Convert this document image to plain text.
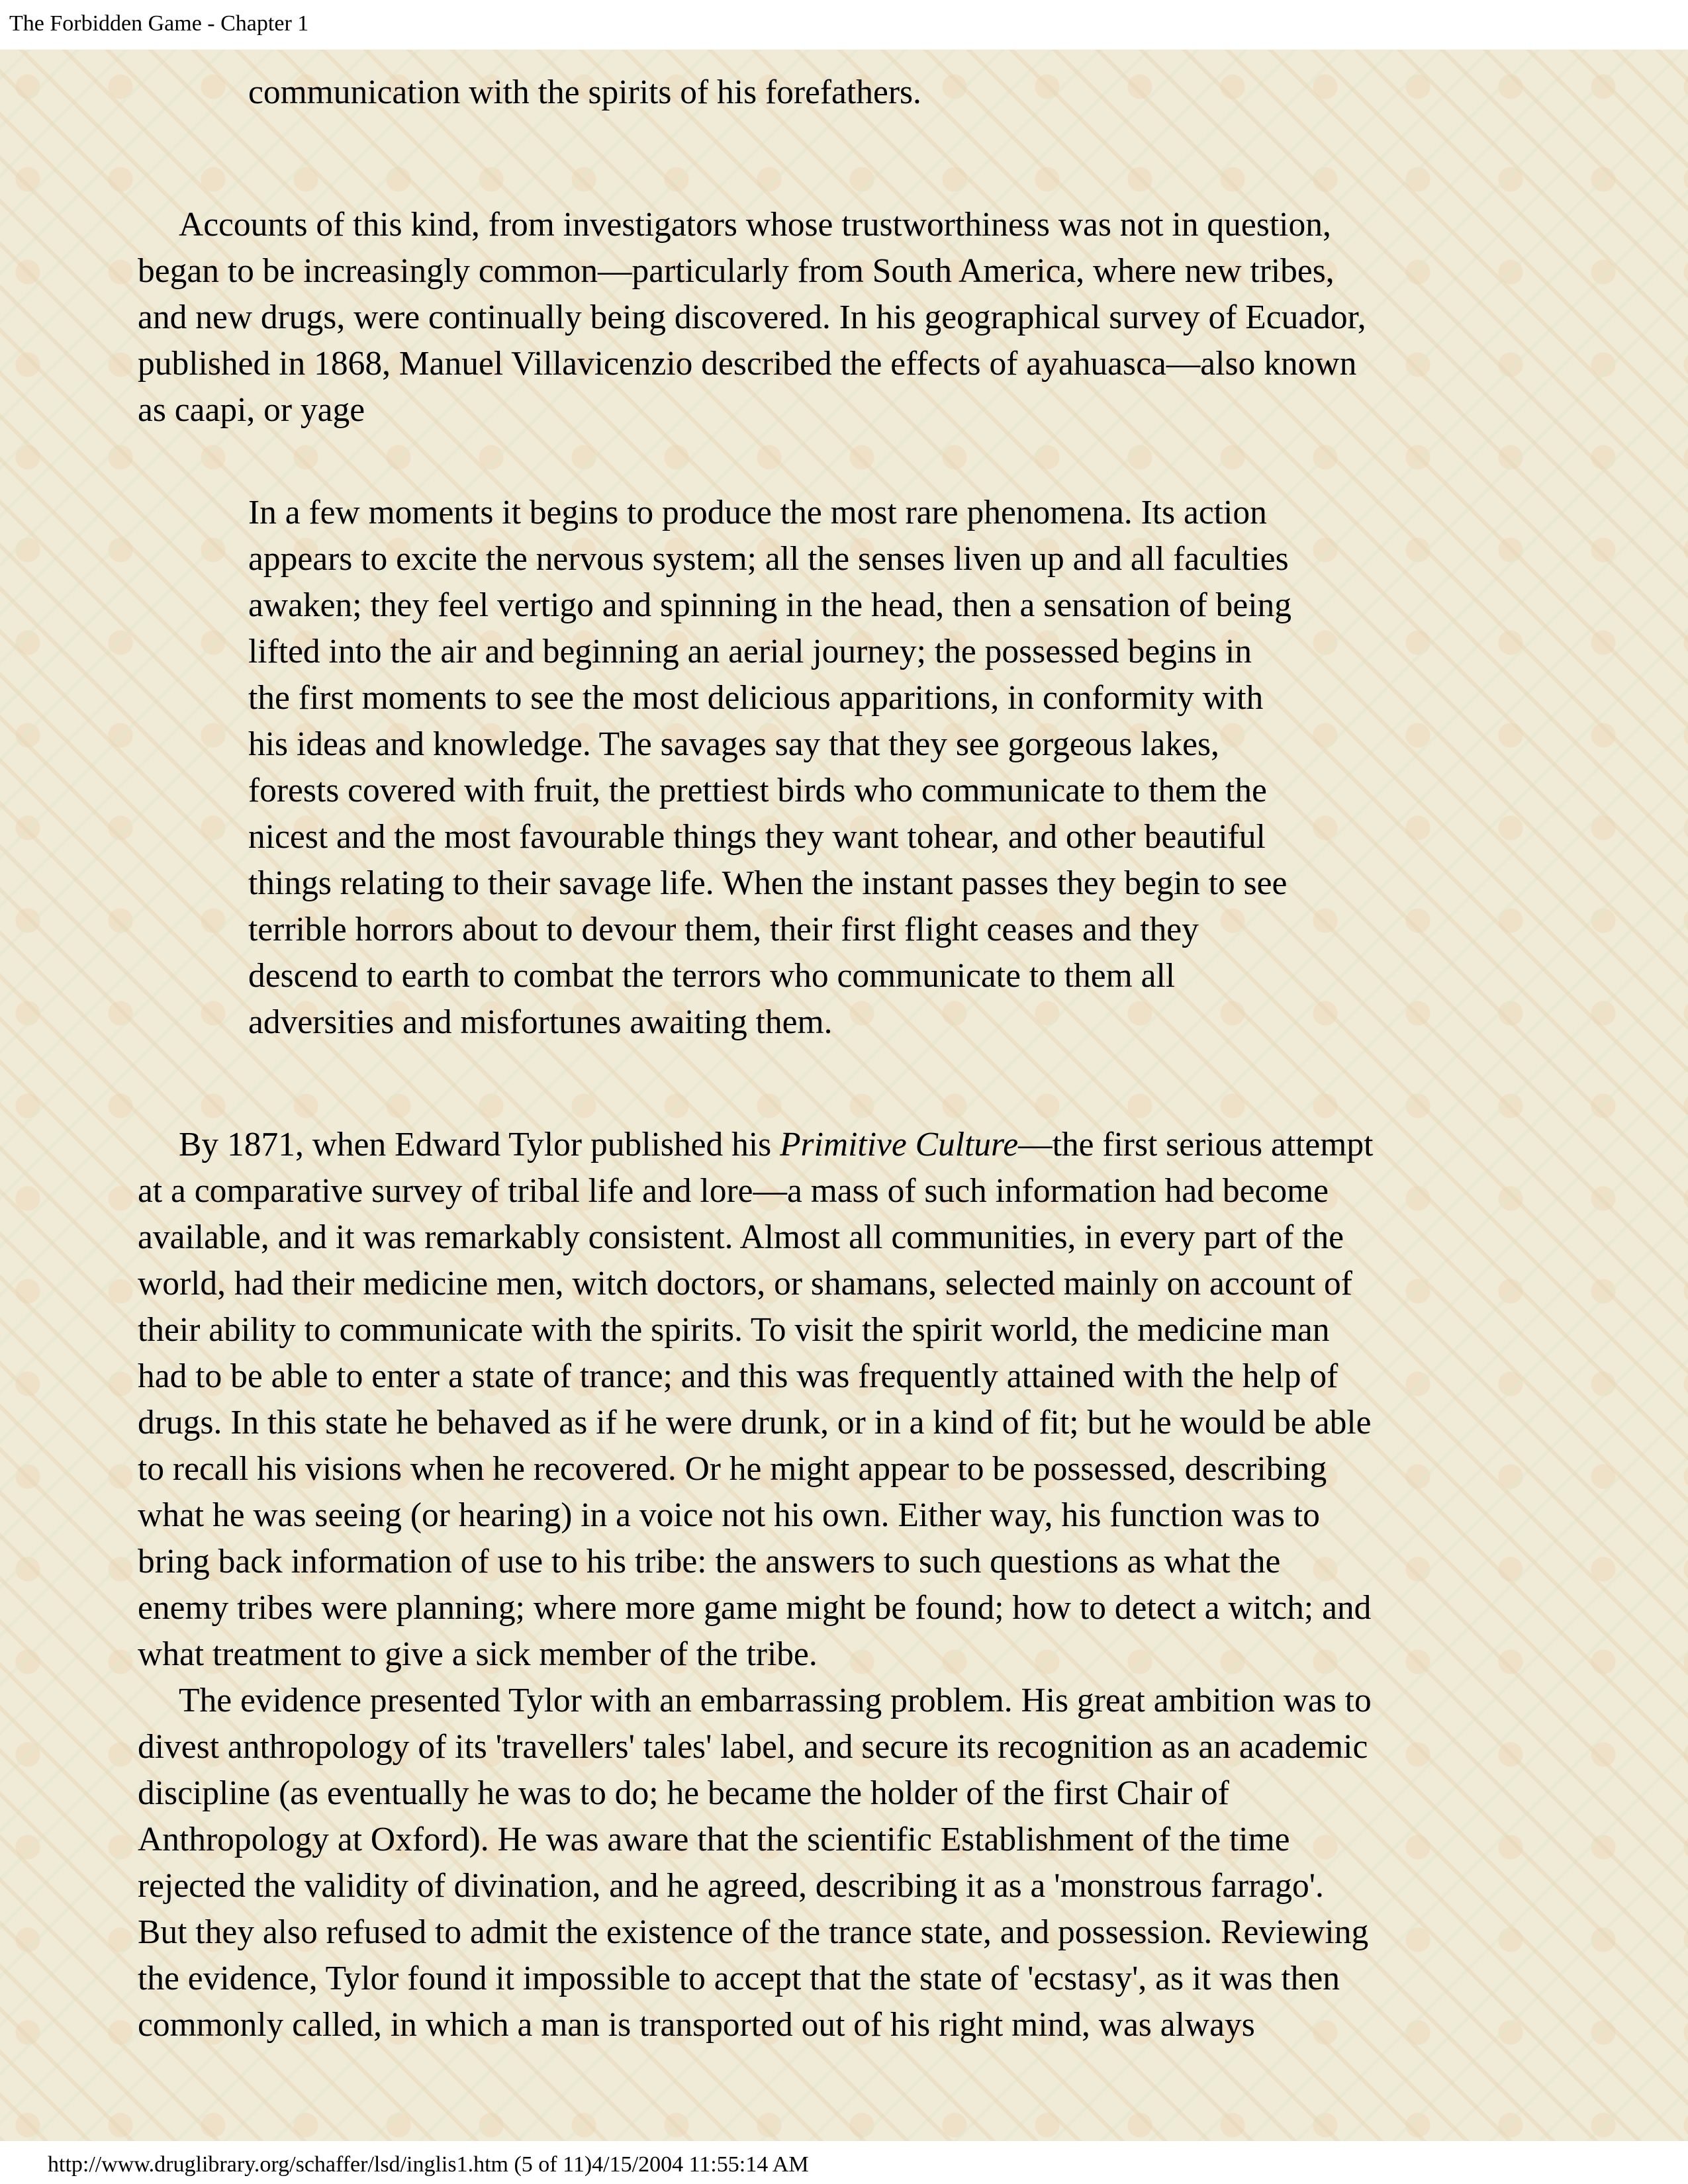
The Forbidden Game - Chapter 1
communication with the spirits of his forefathers.
Accounts of this kind, from investigators whose trustworthiness was not in question,
began to be increasingly common—particularly from South America, where new tribes,
and new drugs, were continually being discovered. In his geographical survey of Ecuador,
published in 1868, Manuel Villavicenzio described the effects of ayahuasca—also known
as caapi, or yage
In a few moments it begins to produce the most rare phenomena. Its action
appears to excite the nervous system; all the senses liven up and all faculties
awaken; they feel vertigo and spinning in the head, then a sensation of being
lifted into the air and beginning an aerial journey; the possessed begins in
the first moments to see the most delicious apparitions, in conformity with
his ideas and knowledge. The savages say that they see gorgeous lakes,
forests covered with fruit, the prettiest birds who communicate to them the
nicest and the most favourable things they want tohear, and other beautiful
things relating to their savage life. When the instant passes they begin to see
terrible horrors about to devour them, their first flight ceases and they
descend to earth to combat the terrors who communicate to them all
adversities and misfortunes awaiting them.
By 1871, when Edward Tylor published his Primitive Culture—the first serious attempt
at a comparative survey of tribal life and lore—a mass of such information had become
available, and it was remarkably consistent. Almost all communities, in every part of the
world, had their medicine men, witch doctors, or shamans, selected mainly on account of
their ability to communicate with the spirits. To visit the spirit world, the medicine man
had to be able to enter a state of trance; and this was frequently attained with the help of
drugs. In this state he behaved as if he were drunk, or in a kind of fit; but he would be able
to recall his visions when he recovered. Or he might appear to be possessed, describing
what he was seeing (or hearing) in a voice not his own. Either way, his function was to
bring back information of use to his tribe: the answers to such questions as what the
enemy tribes were planning; where more game might be found; how to detect a witch; and
what treatment to give a sick member of the tribe.
The evidence presented Tylor with an embarrassing problem. His great ambition was to
divest anthropology of its 'travellers' tales' label, and secure its recognition as an academic
discipline (as eventually he was to do; he became the holder of the first Chair of
Anthropology at Oxford). He was aware that the scientific Establishment of the time
rejected the validity of divination, and he agreed, describing it as a 'monstrous farrago'.
But they also refused to admit the existence of the trance state, and possession. Reviewing
the evidence, Tylor found it impossible to accept that the state of 'ecstasy', as it was then
commonly called, in which a man is transported out of his right mind, was always
http://www.druglibrary.org/schaffer/lsd/inglis1.htm (5 of 11)4/15/2004 11:55:14 AM
